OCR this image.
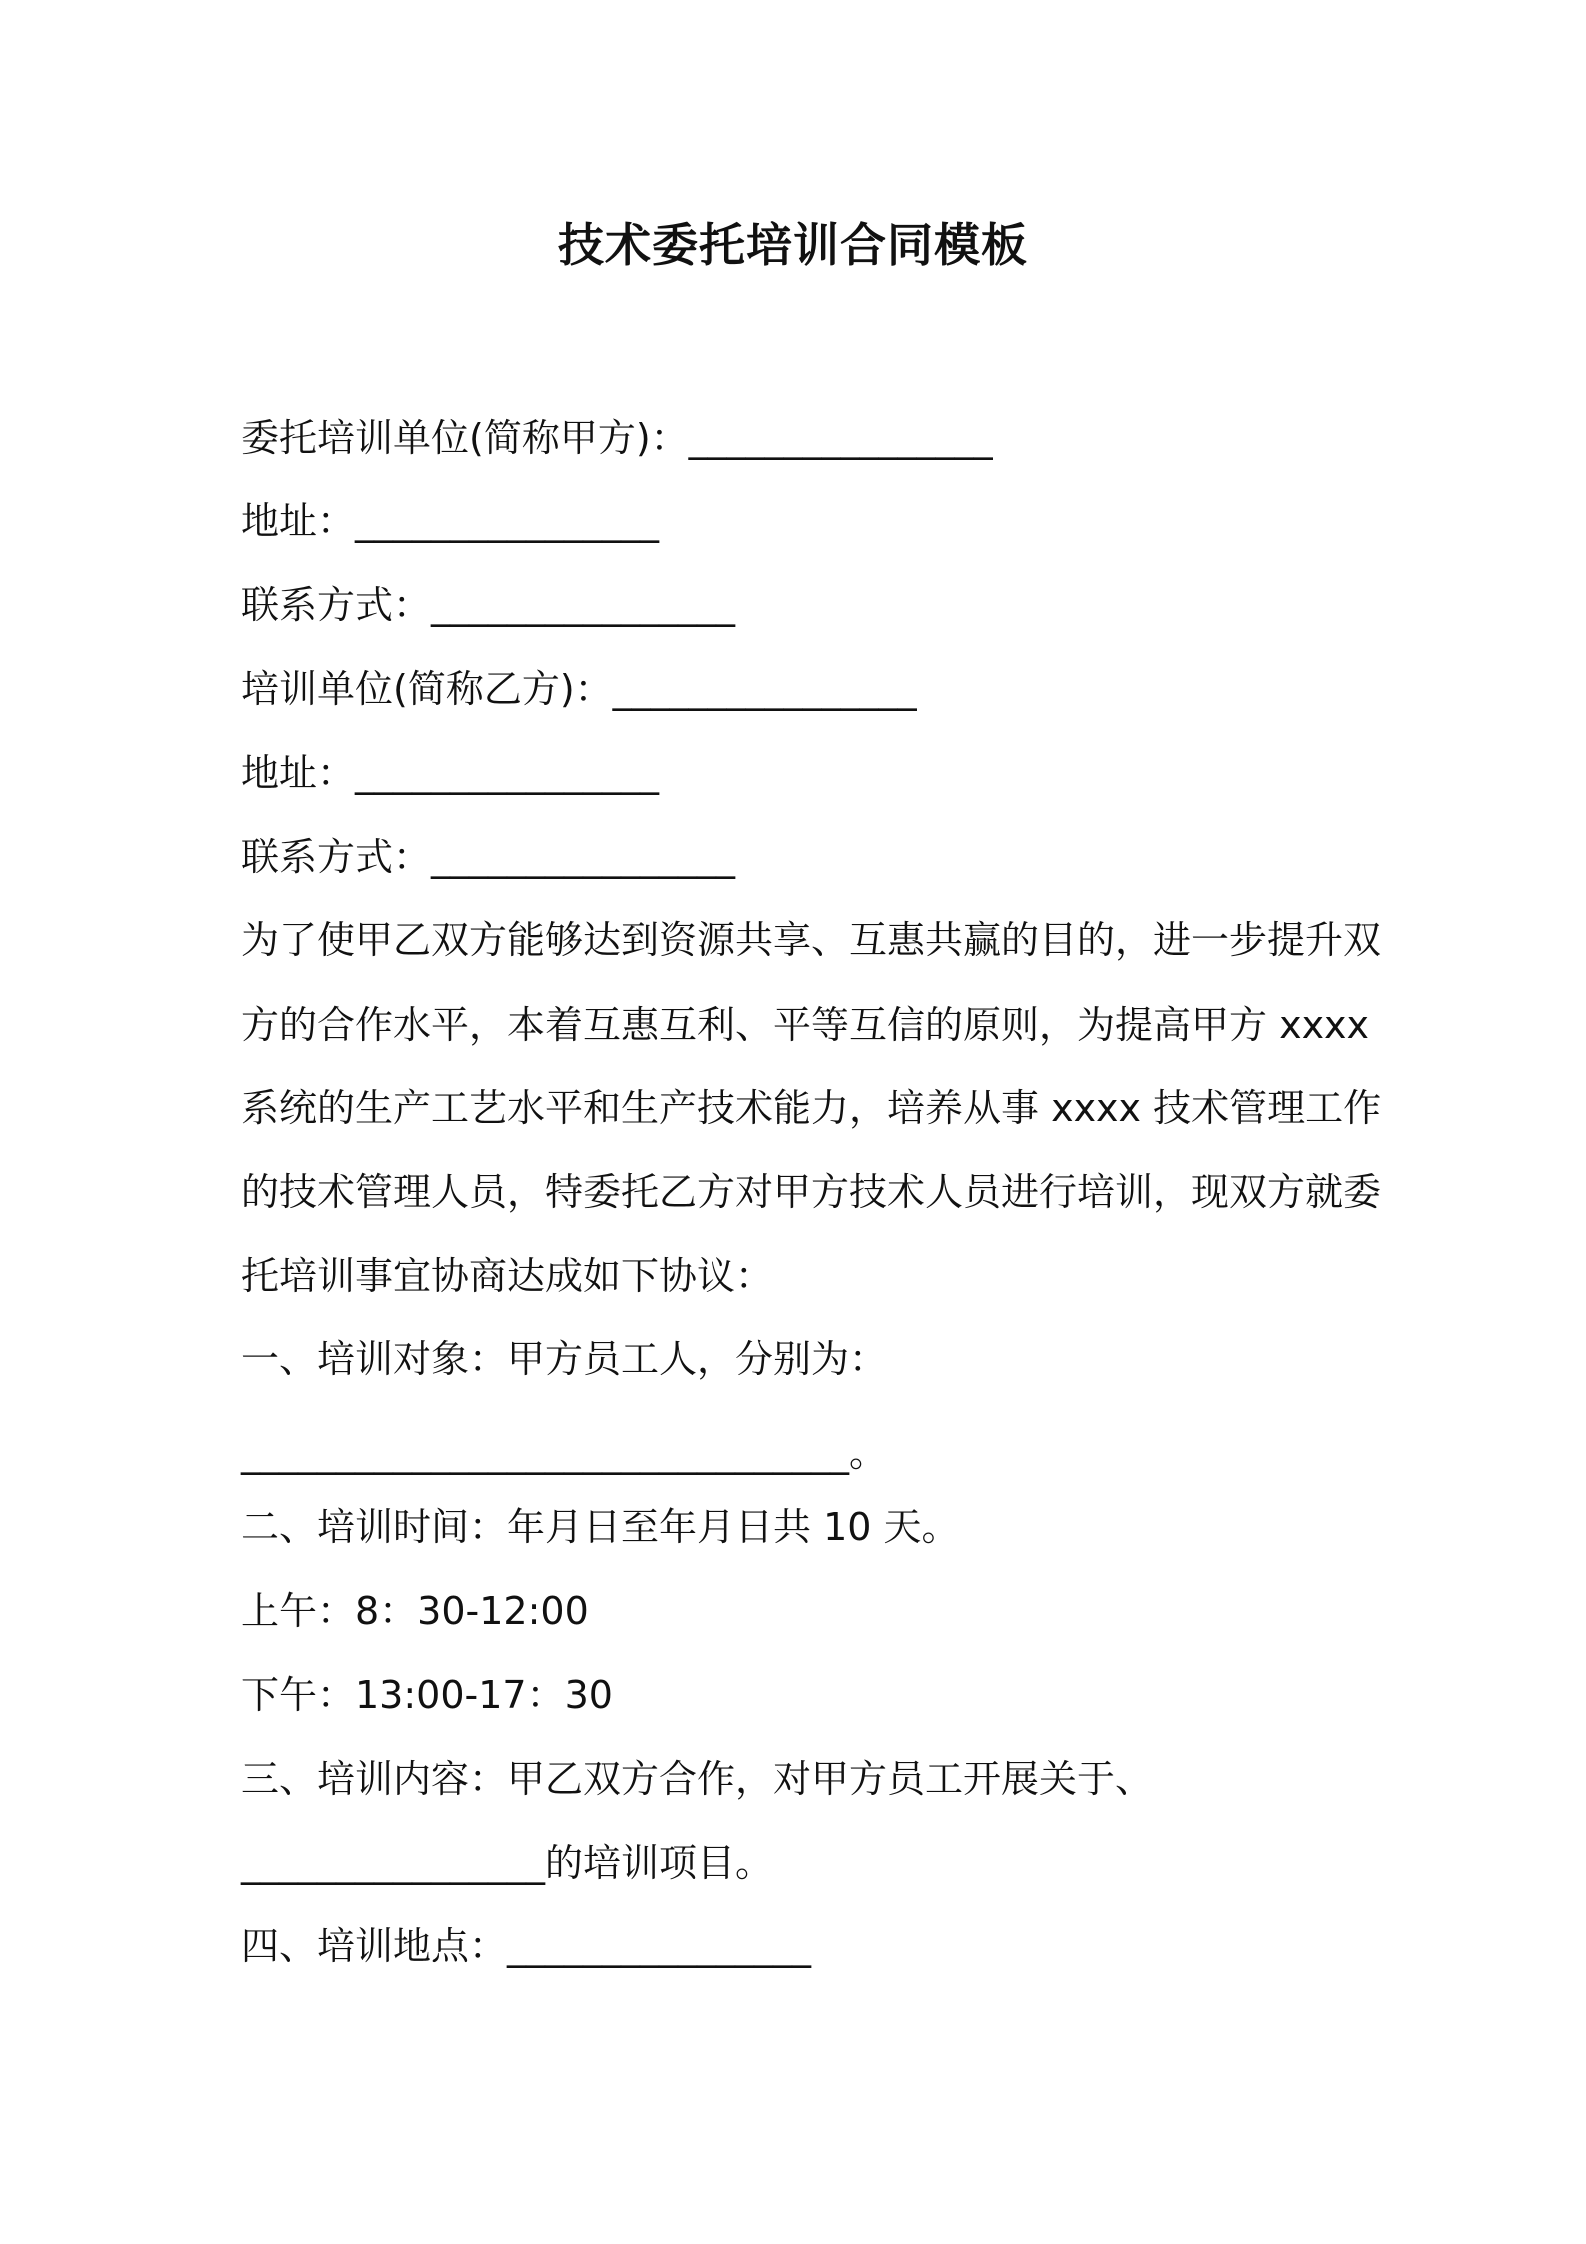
技术委托培训合同模板
委托培训单位(简称甲方)：________________
地址：________________
联系方式：________________
培训单位(简称乙方)：________________
地址：________________
联系方式：________________
为了使甲乙双方能够达到资源共享、互惠共赢的目的，进一步提升双
方的合作水平，本着互惠互利、平等互信的原则，为提高甲方 xxxx
系统的生产工艺水平和生产技术能力，培养从事 xxxx 技术管理工作
的技术管理人员，特委托乙方对甲方技术人员进行培训，现双方就委
托培训事宜协商达成如下协议：
一、培训对象：甲方员工人，分别为：
________________________________。
二、培训时间：年月日至年月日共 10 天。
上午：8：30-12:00
下午：13:00-17：30
三、培训内容：甲乙双方合作，对甲方员工开展关于、
________________的培训项目。
四、培训地点：________________
